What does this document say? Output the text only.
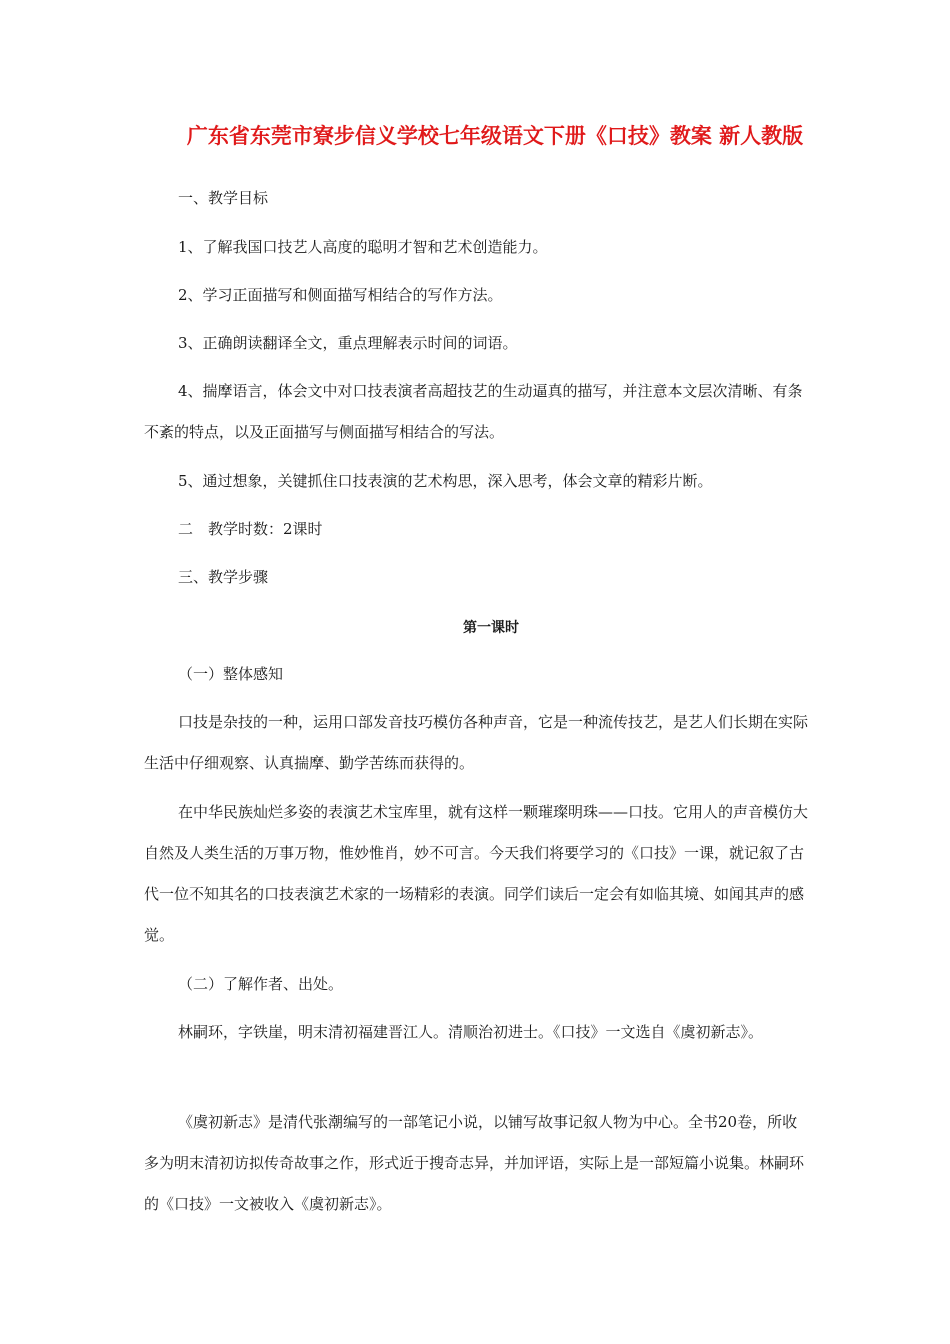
广东省东莞市寮步信义学校七年级语文下册《口技》教案 新人教版
一、教学目标
1、了解我国口技艺人高度的聪明才智和艺术创造能力。
2、学习正面描写和侧面描写相结合的写作方法。
3、正确朗读翻译全文，重点理解表示时间的词语。
4、揣摩语言，体会文中对口技表演者高超技艺的生动逼真的描写，并注意本文层次清晰、有条不紊的特点，以及正面描写与侧面描写相结合的写法。
5、通过想象，关键抓住口技表演的艺术构思，深入思考，体会文章的精彩片断。
二　教学时数：2课时
三、教学步骤
第一课时
（一）整体感知
口技是杂技的一种，运用口部发音技巧模仿各种声音，它是一种流传技艺，是艺人们长期在实际生活中仔细观察、认真揣摩、勤学苦练而获得的。
在中华民族灿烂多姿的表演艺术宝库里，就有这样一颗璀璨明珠——口技。它用人的声音模仿大自然及人类生活的万事万物，惟妙惟肖，妙不可言。今天我们将要学习的《口技》一课，就记叙了古代一位不知其名的口技表演艺术家的一场精彩的表演。同学们读后一定会有如临其境、如闻其声的感觉。
（二）了解作者、出处。
林嗣环，字铁崖，明末清初福建晋江人。清顺治初进士。《口技》一文选自《虞初新志》。
《虞初新志》是清代张潮编写的一部笔记小说，以铺写故事记叙人物为中心。全书20卷，所收多为明末清初访拟传奇故事之作，形式近于搜奇志异，并加评语，实际上是一部短篇小说集。林嗣环的《口技》一文被收入《虞初新志》。
